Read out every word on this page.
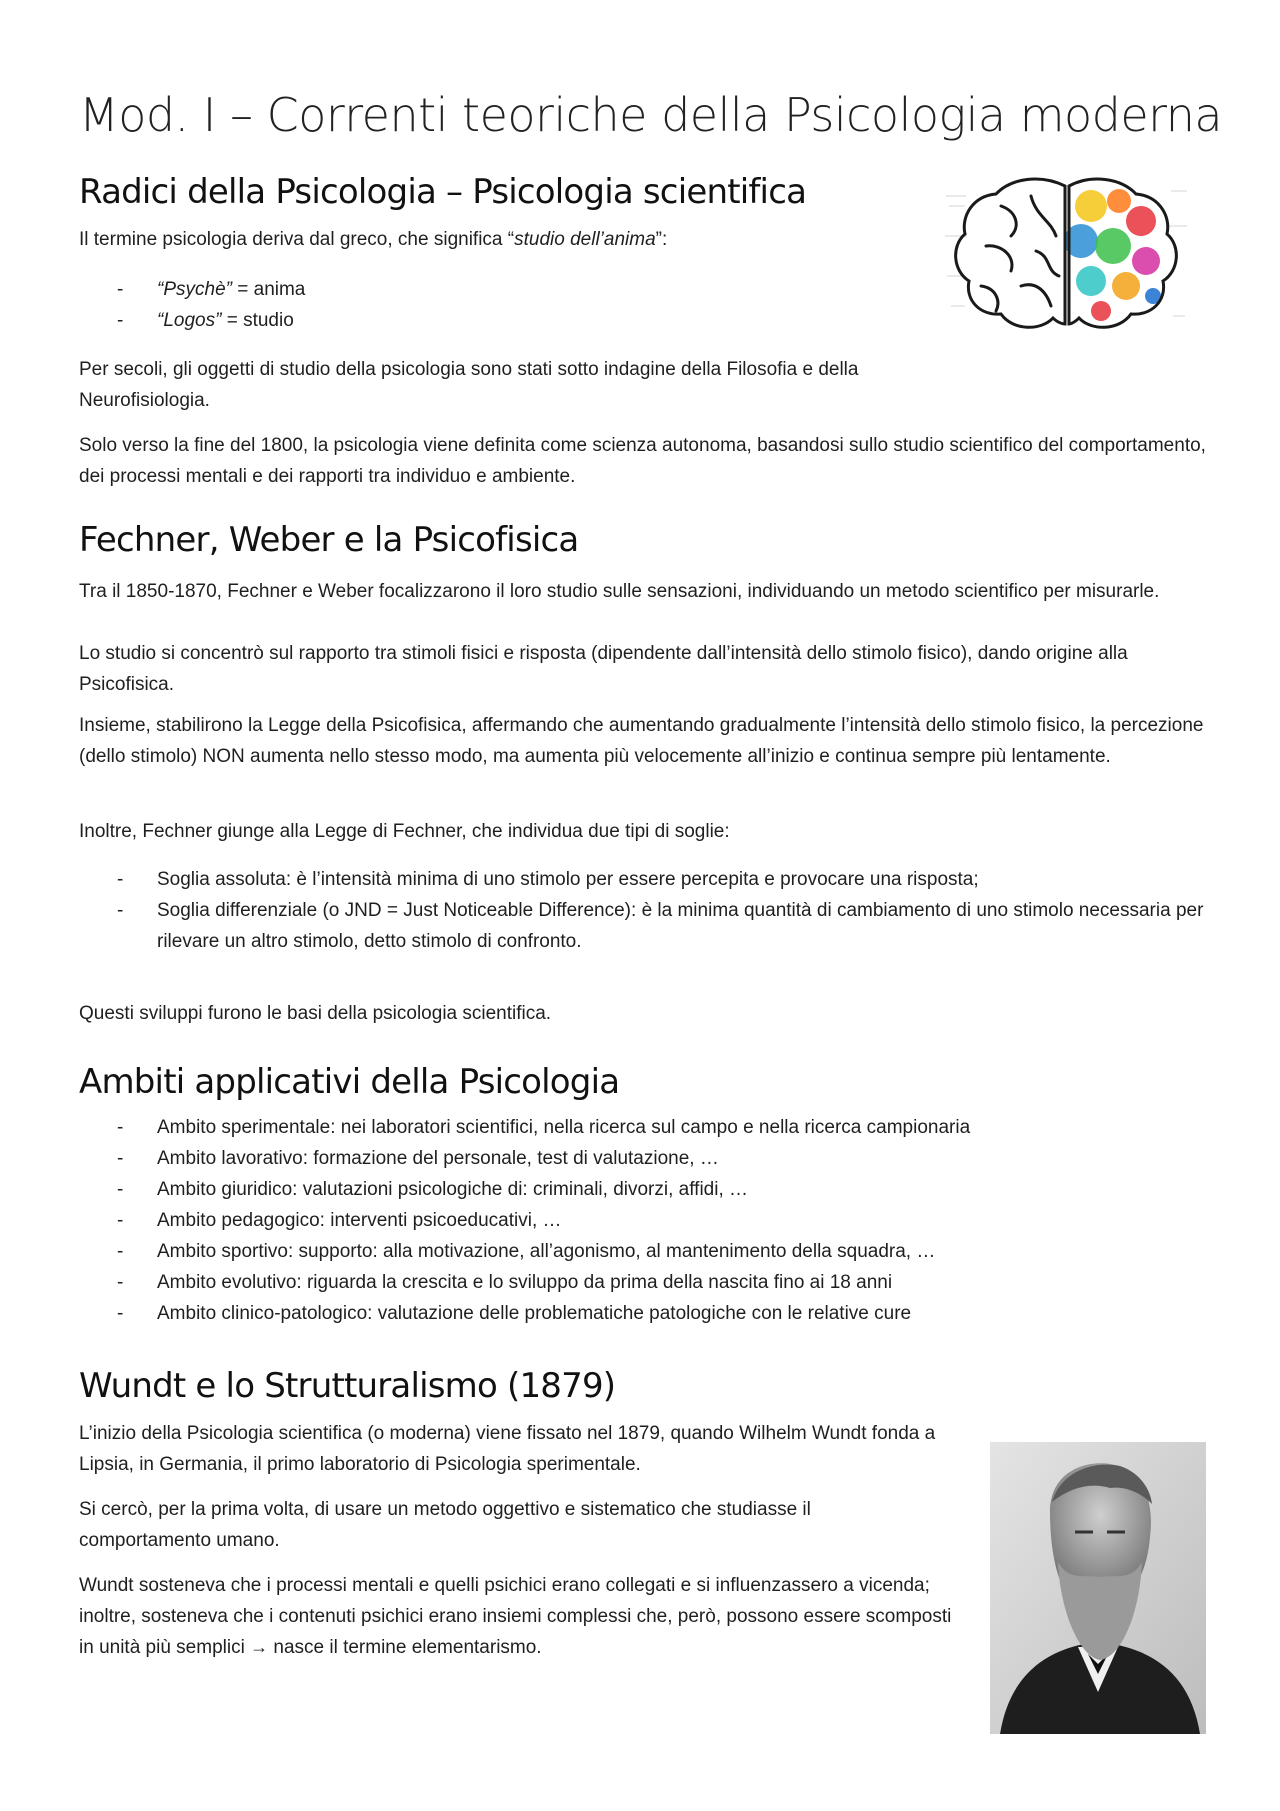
Mod. I – Correnti teoriche della Psicologia moderna
Radici della Psicologia – Psicologia scientifica

Il termine psicologia deriva dal greco, che significa “studio dell’anima”:

- “Psychè” = anima
- “Logos” = studio

Per secoli, gli oggetti di studio della psicologia sono stati sotto indagine della Filosofia e della Neurofisiologia.

Solo verso la fine del 1800, la psicologia viene definita come scienza autonoma, basandosi sullo studio scientifico del comportamento, dei processi mentali e dei rapporti tra individuo e ambiente.

Fechner, Weber e la Psicofisica

Tra il 1850-1870, Fechner e Weber focalizzarono il loro studio sulle sensazioni, individuando un metodo scientifico per misurarle.

Lo studio si concentrò sul rapporto tra stimoli fisici e risposta (dipendente dall’intensità dello stimolo fisico), dando origine alla Psicofisica.

Insieme, stabilirono la Legge della Psicofisica, affermando che aumentando gradualmente l’intensità dello stimolo fisico, la percezione (dello stimolo) NON aumenta nello stesso modo, ma aumenta più velocemente all’inizio e continua sempre più lentamente.

Inoltre, Fechner giunge alla Legge di Fechner, che individua due tipi di soglie:

- Soglia assoluta: è l’intensità minima di uno stimolo per essere percepita e provocare una risposta;
- Soglia differenziale (o JND = Just Noticeable Difference): è la minima quantità di cambiamento di uno stimolo necessaria per rilevare un altro stimolo, detto stimolo di confronto.

Questi sviluppi furono le basi della psicologia scientifica.

Ambiti applicativi della Psicologia
- Ambito sperimentale: nei laboratori scientifici, nella ricerca sul campo e nella ricerca campionaria
- Ambito lavorativo: formazione del personale, test di valutazione, …
- Ambito giuridico: valutazioni psicologiche di: criminali, divorzi, affidi, …
- Ambito pedagogico: interventi psicoeducativi, …
- Ambito sportivo: supporto: alla motivazione, all’agonismo, al mantenimento della squadra, …
- Ambito evolutivo: riguarda la crescita e lo sviluppo da prima della nascita fino ai 18 anni
- Ambito clinico-patologico: valutazione delle problematiche patologiche con le relative cure
Wundt e lo Strutturalismo (1879)

L’inizio della Psicologia scientifica (o moderna) viene fissato nel 1879, quando Wilhelm Wundt fonda a Lipsia, in Germania, il primo laboratorio di Psicologia sperimentale.

Si cercò, per la prima volta, di usare un metodo oggettivo e sistematico che studiasse il comportamento umano.

Wundt sosteneva che i processi mentali e quelli psichici erano collegati e si influenzassero a vicenda; inoltre, sosteneva che i contenuti psichici erano insiemi complessi che, però, possono essere scomposti in unità più semplici → nasce il termine elementarismo.
